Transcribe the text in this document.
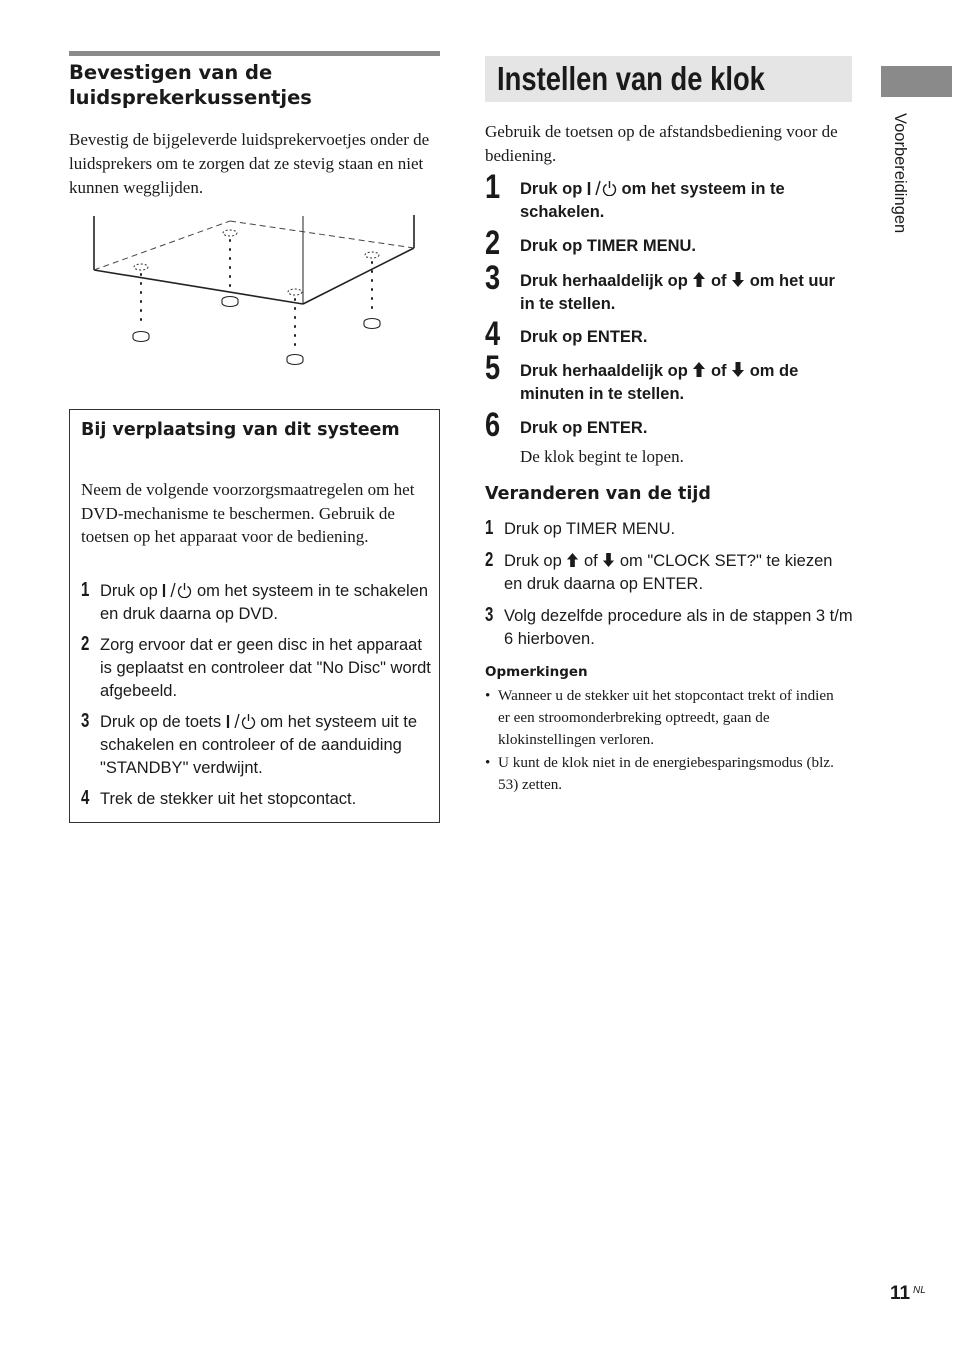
Bevestigen van de luidsprekerkussentjes

Bevestig de bijgeleverde luidsprekervoetjes onder de luidsprekers om te zorgen dat ze stevig staan en niet kunnen wegglijden.

Bij verplaatsing van dit systeem

Neem de volgende voorzorgsmaatregelen om het DVD-mechanisme te beschermen. Gebruik de toetsen op het apparaat voor de bediening.

1 Druk op  om het systeem in te schakelen en druk daarna op DVD.

2 Zorg ervoor dat er geen disc in het apparaat is geplaatst en controleer dat "No Disc" wordt afgebeeld.

3 Druk op de toets  om het systeem uit te schakelen en controleer of de aanduiding "STANDBY" verdwijnt.

4 Trek de stekker uit het stopcontact.

Instellen van de klok

Gebruik de toetsen op de afstandsbediening voor de bediening.

1 Druk op  om het systeem in te schakelen.

2 Druk op TIMER MENU.

3 Druk herhaaldelijk op  of  om het uur in te stellen.

4 Druk op ENTER.

5 Druk herhaaldelijk op  of  om de minuten in te stellen.

6 Druk op ENTER.

De klok begint te lopen.

Veranderen van de tijd

1 Druk op TIMER MENU.

2 Druk op  of  om "CLOCK SET?" te kiezen en druk daarna op ENTER.

3 Volg dezelfde procedure als in de stappen 3 t/m 6 hierboven.

Opmerkingen

• Wanneer u de stekker uit het stopcontact trekt of indien er een stroomonderbreking optreedt, gaan de klokinstellingen verloren.

• U kunt de klok niet in de energiebesparingsmodus (blz. 53) zetten.

Voorbereidingen

11 NL
